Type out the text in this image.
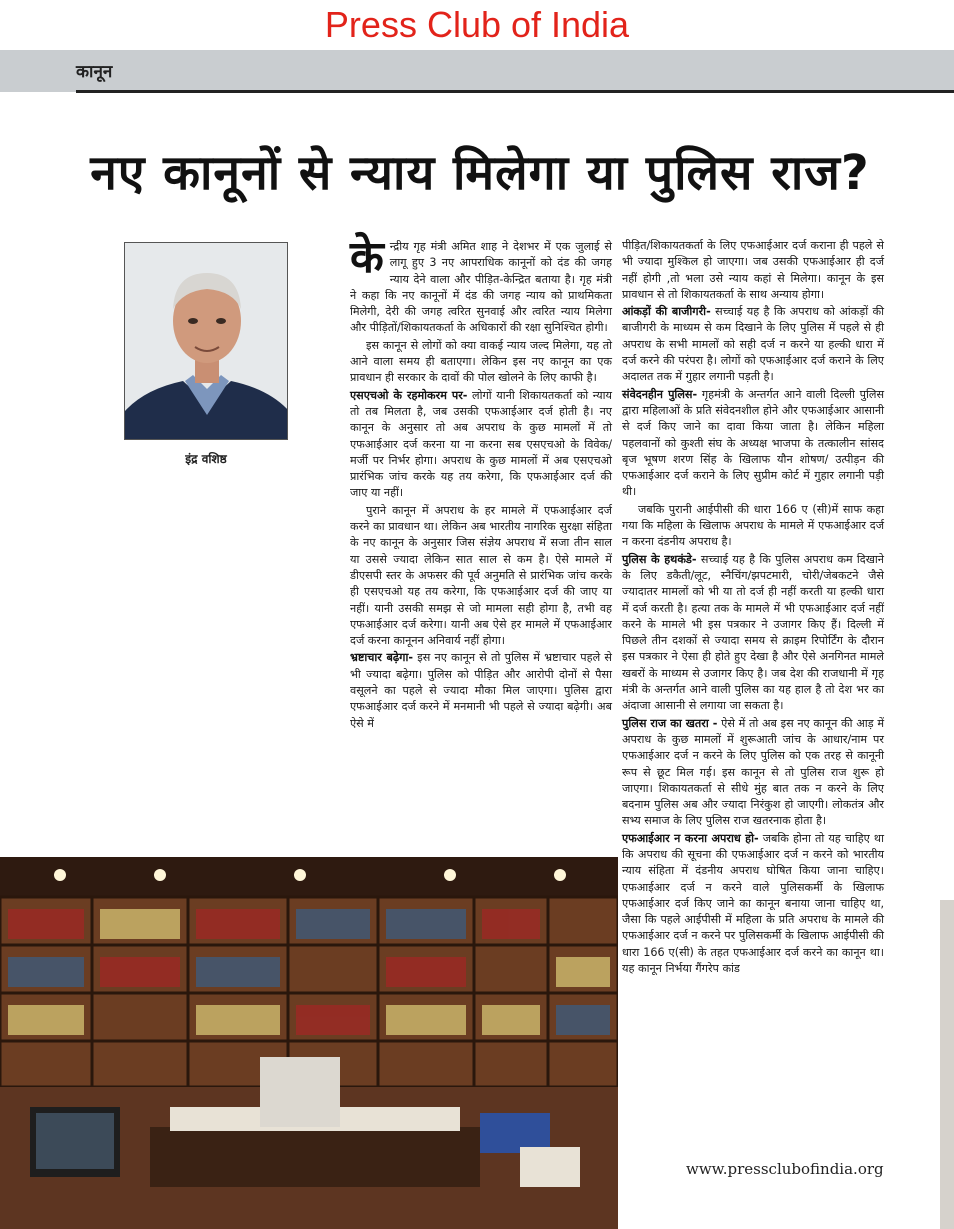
Press Club of India
कानून
नए कानूनों से न्याय मिलेगा या पुलिस राज?
इंद्र वशिष्ठ

के न्द्रीय गृह मंत्री अमित शाह ने देशभर में एक जुलाई से लागू हुए 3 नए आपराधिक कानूनों को दंड की जगह न्याय देने वाला और पीड़ित-केन्द्रित बताया है। गृह मंत्री ने कहा कि नए कानूनों में दंड की जगह न्याय को प्राथमिकता मिलेगी, देरी की जगह त्वरित सुनवाई और त्वरित न्याय मिलेगा और पीड़ितों/शिकायतकर्ता के अधिकारों की रक्षा सुनिश्चित होगी।

इस कानून से लोगों को क्या वाकई न्याय जल्द मिलेगा, यह तो आने वाला समय ही बताएगा। लेकिन इस नए कानून का एक प्रावधान ही सरकार के दावों की पोल खोलने के लिए काफी है।

एसएचओ के रहमोकरम पर- लोगों यानी शिकायतकर्ता को न्याय तो तब मिलता है, जब उसकी एफआईआर दर्ज होती है। नए कानून के अनुसार तो अब अपराध के कुछ मामलों में तो एफआईआर दर्ज करना या ना करना सब एसएचओ के विवेक/मर्जी पर निर्भर होगा। अपराध के कुछ मामलों में अब एसएचओ प्रारंभिक जांच करके यह तय करेगा, कि एफआईआर दर्ज की जाए या नहीं।

पुराने कानून में अपराध के हर मामले में एफआईआर दर्ज करने का प्रावधान था। लेकिन अब भारतीय नागरिक सुरक्षा संहिता के नए कानून के अनुसार जिस संज्ञेय अपराध में सजा तीन साल या उससे ज्यादा लेकिन सात साल से कम है। ऐसे मामले में डीएसपी स्तर के अफसर की पूर्व अनुमति से प्रारंभिक जांच करके ही एसएचओ यह तय करेगा, कि एफआईआर दर्ज की जाए या नहीं। यानी उसकी समझ से जो मामला सही होगा है, तभी वह एफआईआर दर्ज करेगा। यानी अब ऐसे हर मामले में एफआईआर दर्ज करना कानूनन अनिवार्य नहीं होगा।

भ्रष्टाचार बढ़ेगा- इस नए कानून से तो पुलिस में भ्रष्टाचार पहले से भी ज्यादा बढ़ेगा। पुलिस को पीड़ित और आरोपी दोनों से पैसा वसूलने का पहले से ज्यादा मौका मिल जाएगा। पुलिस द्वारा एफआईआर दर्ज करने में मनमानी भी पहले से ज्यादा बढ़ेगी। अब ऐसे में

पीड़ित/शिकायतकर्ता के लिए एफआईआर दर्ज कराना ही पहले से भी ज्यादा मुश्किल हो जाएगा। जब उसकी एफआईआर ही दर्ज नहीं होगी ,तो भला उसे न्याय कहां से मिलेगा। कानून के इस प्रावधान से तो शिकायतकर्ता के साथ अन्याय होगा।

आंकड़ों की बाजीगरी- सच्चाई यह है कि अपराध को आंकड़ों की बाजीगरी के माध्यम से कम दिखाने के लिए पुलिस में पहले से ही अपराध के सभी मामलों को सही दर्ज न करने या हल्की धारा में दर्ज करने की परंपरा है। लोगों को एफआईआर दर्ज कराने के लिए अदालत तक में गुहार लगानी पड़ती है।

संवेदनहीन पुलिस- गृहमंत्री के अन्तर्गत आने वाली दिल्ली पुलिस द्वारा महिलाओं के प्रति संवेदनशील होने और एफआईआर आसानी से दर्ज किए जाने का दावा किया जाता है। लेकिन महिला पहलवानों को कुश्ती संघ के अध्यक्ष भाजपा के तत्कालीन सांसद बृज भूषण शरण सिंह के खिलाफ यौन शोषण/ उत्पीड़न की एफआईआर दर्ज कराने के लिए सुप्रीम कोर्ट में गुहार लगानी पड़ी थी।

जबकि पुरानी आईपीसी की धारा 166 ए (सी)में साफ कहा गया कि महिला के खिलाफ अपराध के मामले में एफआईआर दर्ज न करना दंडनीय अपराध है।

पुलिस के हथकंडे- सच्चाई यह है कि पुलिस अपराध कम दिखाने के लिए डकैती/लूट, स्नैचिंग/झपटमारी, चोरी/जेबकटने जैसे ज्यादातर मामलों को भी या तो दर्ज ही नहीं करती या हल्की धारा में दर्ज करती है। हत्या तक के मामले में भी एफआईआर दर्ज नहीं करने के मामले भी इस पत्रकार ने उजागर किए हैं। दिल्ली में पिछले तीन दशकों से ज्यादा समय से क्राइम रिपोर्टिंग के दौरान इस पत्रकार ने ऐसा ही होते हुए देखा है और ऐसे अनगिनत मामले खबरों के माध्यम से उजागर किए है। जब देश की राजधानी में गृह मंत्री के अन्तर्गत आने वाली पुलिस का यह हाल है तो देश भर का अंदाजा आसानी से लगाया जा सकता है।

पुलिस राज का खतरा - ऐसे में तो अब इस नए कानून की आड़ में अपराध के कुछ मामलों में शुरूआती जांच के आधार/नाम पर एफआईआर दर्ज न करने के लिए पुलिस को एक तरह से कानूनी रूप से छूट मिल गई। इस कानून से तो पुलिस राज शुरू हो जाएगा। शिकायतकर्ता से सीधे मुंह बात तक न करने के लिए बदनाम पुलिस अब और ज्यादा निरंकुश हो जाएगी। लोकतंत्र और सभ्य समाज के लिए पुलिस राज खतरनाक होता है।

एफआईआर न करना अपराध हो- जबकि होना तो यह चाहिए था कि अपराध की सूचना की एफआईआर दर्ज न करने को भारतीय न्याय संहिता में दंडनीय अपराध घोषित किया जाना चाहिए। एफआईआर दर्ज न करने वाले पुलिसकर्मी के खिलाफ एफआईआर दर्ज किए जाने का कानून बनाया जाना चाहिए था, जैसा कि पहले आईपीसी में महिला के प्रति अपराध के मामले की एफआईआर दर्ज न करने पर पुलिसकर्मी के खिलाफ आईपीसी की धारा 166 ए(सी) के तहत एफआईआर दर्ज करने का कानून था। यह कानून निर्भया गैंगरेप कांड

www.pressclubofindia.org
